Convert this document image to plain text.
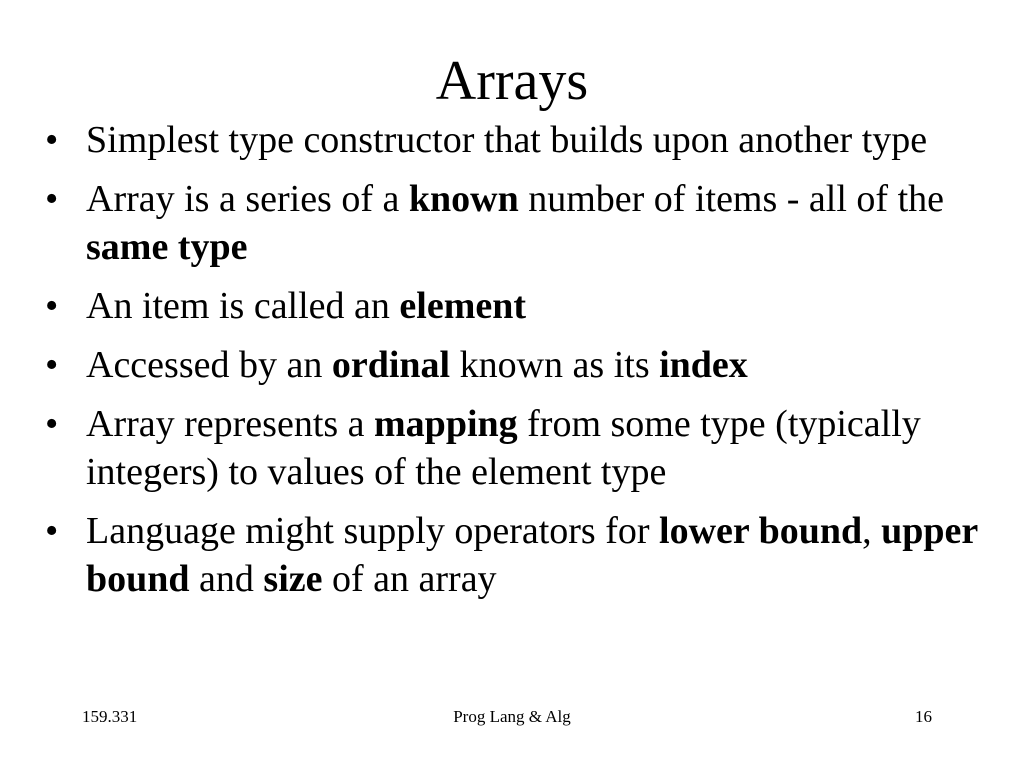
Arrays
• Simplest type constructor that builds upon another type
• Array is a series of a known number of items - all of the same type
• An item is called an element
• Accessed by an ordinal known as its index
• Array represents a mapping from some type (typically integers) to values of the element type
• Language might supply operators for lower bound, upper bound and size of an array
159.331	Prog Lang & Alg	16
